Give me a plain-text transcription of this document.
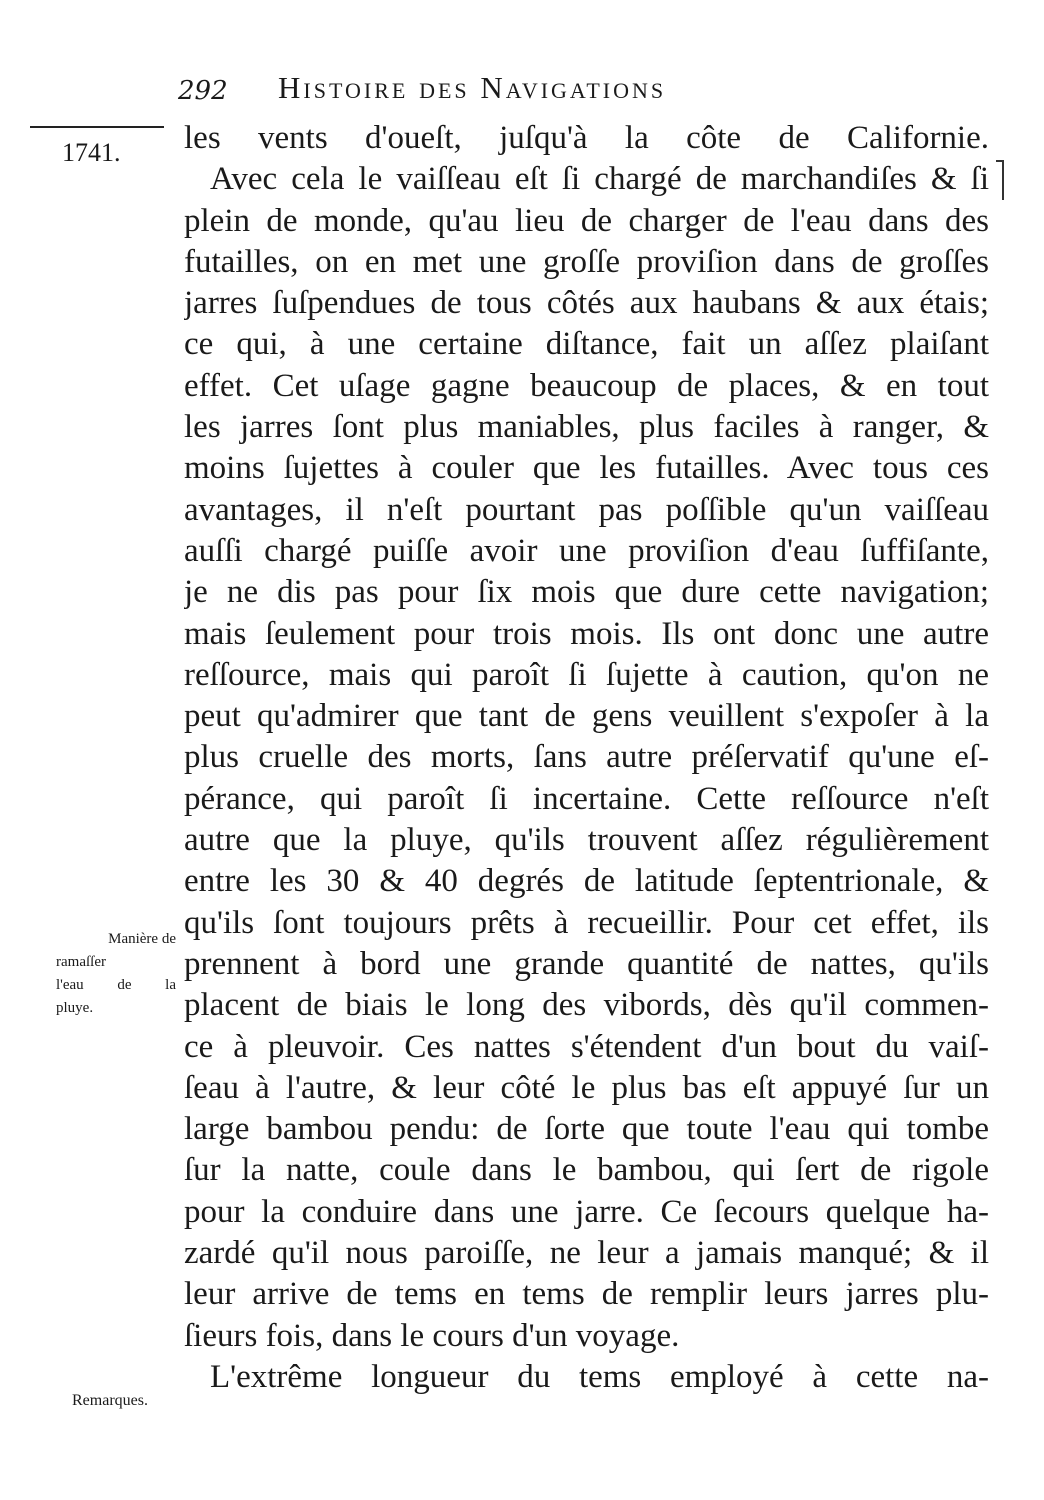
292 Histoire des Navigations
1741. les vents d'oueſt, juſqu'à la côte de Californie.
Avec cela le vaiſſeau eſt ſi chargé de marchandiſes & ſi
plein de monde, qu'au lieu de charger de l'eau dans des
futailles, on en met une groſſe proviſion dans de groſſes
jarres ſuſpendues de tous côtés aux haubans & aux étais;
ce qui, à une certaine diſtance, fait un aſſez plaiſant
effet. Cet uſage gagne beaucoup de places, & en tout
les jarres ſont plus maniables, plus faciles à ranger, &
moins ſujettes à couler que les futailles. Avec tous ces
avantages, il n'eſt pourtant pas poſſible qu'un vaiſſeau
auſſi chargé puiſſe avoir une proviſion d'eau ſuffiſante,
je ne dis pas pour ſix mois que dure cette navigation;
mais ſeulement pour trois mois. Ils ont donc une autre
reſſource, mais qui paroît ſi ſujette à caution, qu'on ne
peut qu'admirer que tant de gens veuillent s'expoſer à la
plus cruelle des morts, ſans autre préſervatif qu'une eſ-
pérance, qui paroît ſi incertaine. Cette reſſource n'eſt
autre que la pluye, qu'ils trouvent aſſez régulièrement
entre les 30 & 40 degrés de latitude ſeptentrionale, &
qu'ils ſont toujours prêts à recueillir. Pour cet effet, ils
prennent à bord une grande quantité de nattes, qu'ils
placent de biais le long des vibords, dès qu'il commen-
ce à pleuvoir. Ces nattes s'étendent d'un bout du vaiſ-
ſeau à l'autre, & leur côté le plus bas eſt appuyé ſur un
large bambou pendu: de ſorte que toute l'eau qui tombe
ſur la natte, coule dans le bambou, qui ſert de rigole
pour la conduire dans une jarre. Ce ſecours quelque ha-
zardé qu'il nous paroiſſe, ne leur a jamais manqué; & il
leur arrive de tems en tems de remplir leurs jarres plu-
ſieurs fois, dans le cours d'un voyage.
L'extrême longueur du tems employé à cette na-
Manière de
ramaſſer
l'eau de la
pluye.
Remarques.
